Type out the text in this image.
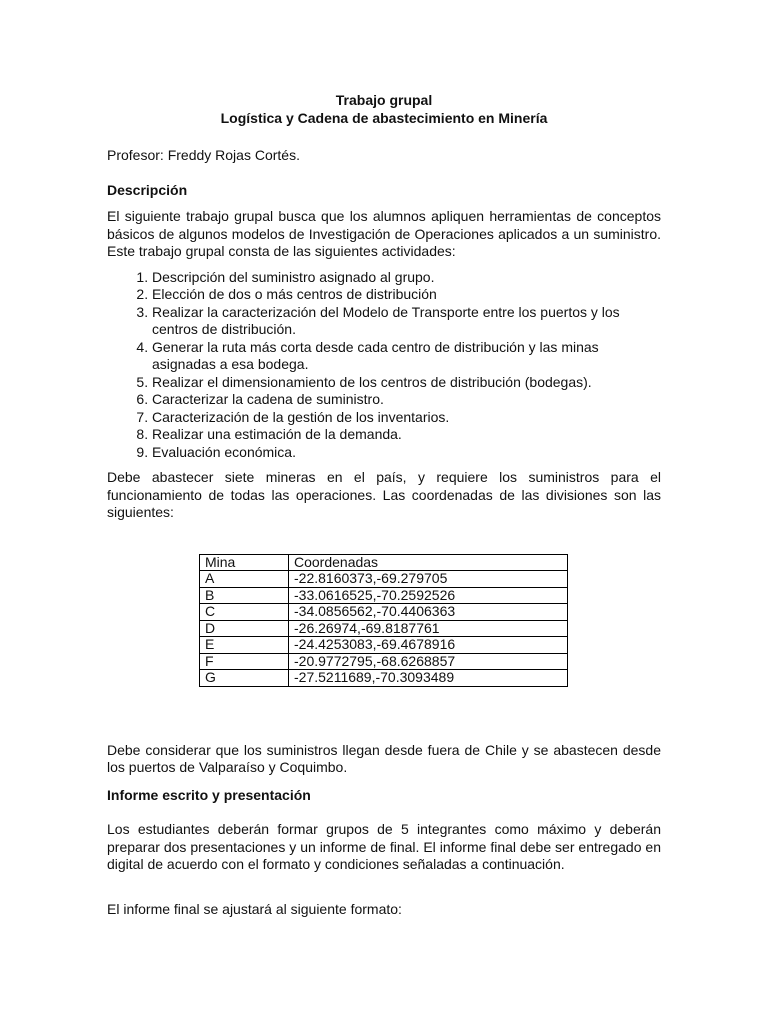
Trabajo grupal

Logística y Cadena de abastecimiento en Minería

Profesor: Freddy Rojas Cortés.

Descripción

El siguiente trabajo grupal busca que los alumnos apliquen herramientas de conceptos básicos de algunos modelos de Investigación de Operaciones aplicados a un suministro. Este trabajo grupal consta de las siguientes actividades:

1. Descripción del suministro asignado al grupo.
2. Elección de dos o más centros de distribución
3. Realizar la caracterización del Modelo de Transporte entre los puertos y los centros de distribución.
4. Generar la ruta más corta desde cada centro de distribución y las minas asignadas a esa bodega.
5. Realizar el dimensionamiento de los centros de distribución (bodegas).
6. Caracterizar la cadena de suministro.
7. Caracterización de la gestión de los inventarios.
8. Realizar una estimación de la demanda.
9. Evaluación económica.

Debe abastecer siete mineras en el país, y requiere los suministros para el funcionamiento de todas las operaciones. Las coordenadas de las divisiones son las siguientes:

Mina	Coordenadas
A	-22.8160373,-69.279705
B	-33.0616525,-70.2592526
C	-34.0856562,-70.4406363
D	-26.26974,-69.8187761
E	-24.4253083,-69.4678916
F	-20.9772795,-68.6268857
G	-27.5211689,-70.3093489

Debe considerar que los suministros llegan desde fuera de Chile y se abastecen desde los puertos de Valparaíso y Coquimbo.

Informe escrito y presentación

Los estudiantes deberán formar grupos de 5 integrantes como máximo y deberán preparar dos presentaciones y un informe de final. El informe final debe ser entregado en digital de acuerdo con el formato y condiciones señaladas a continuación.

El informe final se ajustará al siguiente formato:
